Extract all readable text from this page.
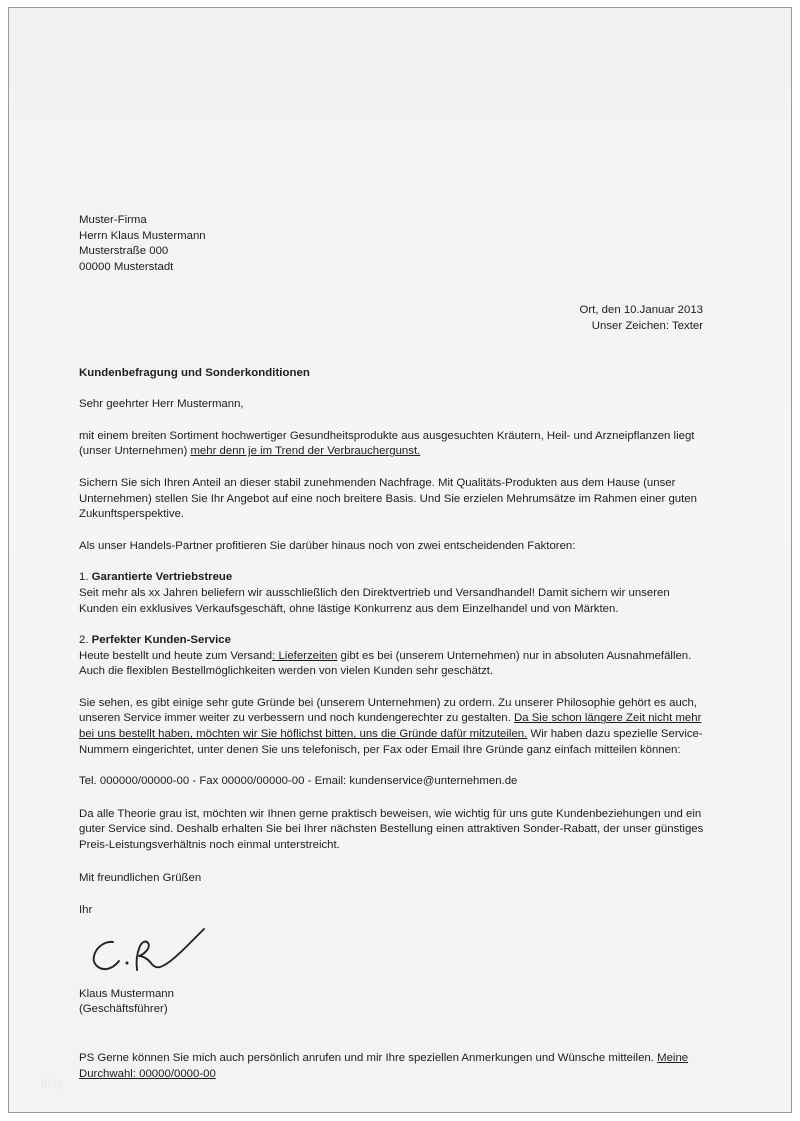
Muster-Firma
Herrn Klaus Mustermann
Musterstraße 000
00000 Musterstadt
Ort, den 10.Januar 2013
Unser Zeichen: Texter
Kundenbefragung und Sonderkonditionen
Sehr geehrter Herr Mustermann,

mit einem breiten Sortiment hochwertiger Gesundheitsprodukte aus ausgesuchten Kräutern, Heil- und Arzneipflanzen liegt (unser Unternehmen) mehr denn je im Trend der Verbrauchergunst.

Sichern Sie sich Ihren Anteil an dieser stabil zunehmenden Nachfrage. Mit Qualitäts-Produkten aus dem Hause (unser Unternehmen) stellen Sie Ihr Angebot auf eine noch breitere Basis. Und Sie erzielen Mehrumsätze im Rahmen einer guten Zukunftsperspektive.

Als unser Handels-Partner profitieren Sie darüber hinaus noch von zwei entscheidenden Faktoren:

1. Garantierte Vertriebstreue

Seit mehr als xx Jahren beliefern wir ausschließlich den Direktvertrieb und Versandhandel! Damit sichern wir unseren Kunden ein exklusives Verkaufsgeschäft, ohne lästige Konkurrenz aus dem Einzelhandel und von Märkten.

2. Perfekter Kunden-Service

Heute bestellt und heute zum Versand: Lieferzeiten gibt es bei (unserem Unternehmen) nur in absoluten Ausnahmefällen. Auch die flexiblen Bestellmöglichkeiten werden von vielen Kunden sehr geschätzt.

Sie sehen, es gibt einige sehr gute Gründe bei (unserem Unternehmen) zu ordern. Zu unserer Philosophie gehört es auch, unseren Service immer weiter zu verbessern und noch kundengerechter zu gestalten. Da Sie schon längere Zeit nicht mehr bei uns bestellt haben, möchten wir Sie höflichst bitten, uns die Gründe dafür mitzuteilen. Wir haben dazu spezielle Service-Nummern eingerichtet, unter denen Sie uns telefonisch, per Fax oder Email Ihre Gründe ganz einfach mitteilen können:

Tel. 000000/00000-00 - Fax 00000/00000-00 - Email: kundenservice@unternehmen.de

Da alle Theorie grau ist, möchten wir Ihnen gerne praktisch beweisen, wie wichtig für uns gute Kundenbeziehungen und ein guter Service sind. Deshalb erhalten Sie bei Ihrer nächsten Bestellung einen attraktiven Sonder-Rabatt, der unser günstiges Preis-Leistungsverhältnis noch einmal unterstreicht.

Mit freundlichen Grüßen
Ihr
Klaus Mustermann
(Geschäftsführer)

PS Gerne können Sie mich auch persönlich anrufen und mir Ihre speziellen Anmerkungen und Wünsche mitteilen. Meine Durchwahl: 00000/0000-00

blog
